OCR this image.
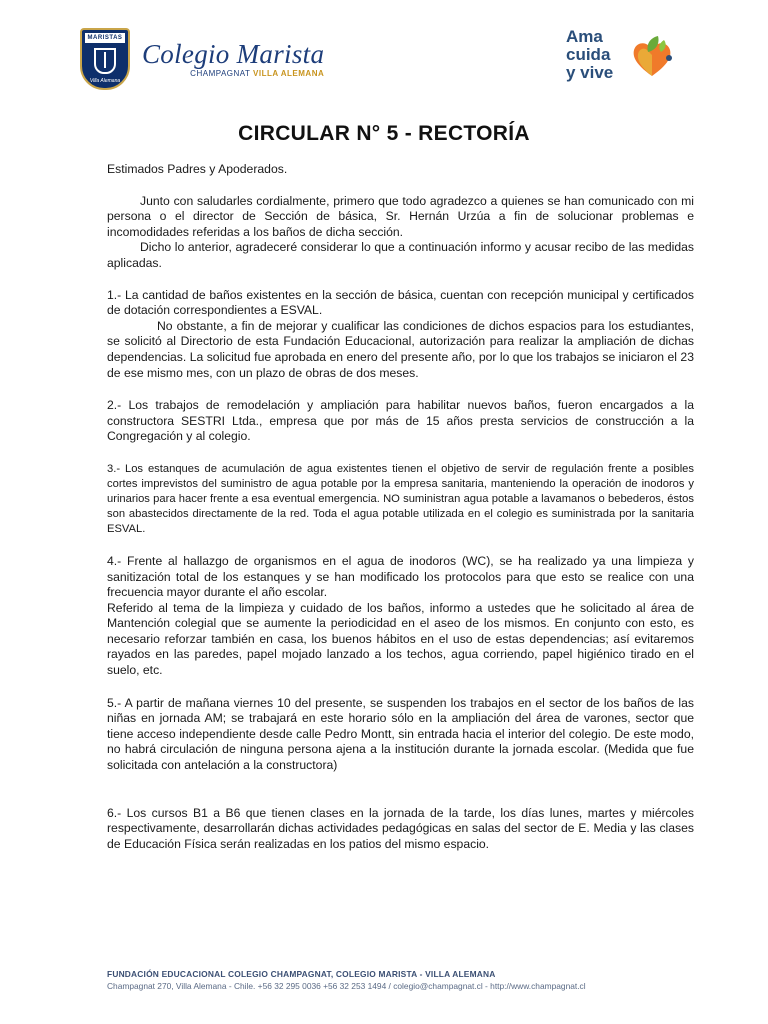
MARISTAS
Villa Alemana
Colegio Marista
CHAMPAGNAT VILLA ALEMANA
Ama
cuida
y vive
CIRCULAR N° 5 - RECTORÍA

Estimados Padres y Apoderados.

Junto con saludarles cordialmente, primero que todo agradezco a quienes se han comunicado con mi persona o el director de Sección de básica, Sr. Hernán Urzúa a fin de solucionar problemas e incomodidades referidas a los baños de dicha sección.

Dicho lo anterior, agradeceré considerar lo que a continuación informo y acusar recibo de las medidas aplicadas.

1.- La cantidad de baños existentes en la sección de básica, cuentan con recepción municipal y certificados de dotación correspondientes a ESVAL.

No obstante, a fin de mejorar y cualificar las condiciones de dichos espacios para los estudiantes, se solicitó al Directorio de esta Fundación Educacional, autorización para realizar la ampliación de dichas dependencias. La solicitud fue aprobada en enero del presente año, por lo que los trabajos se iniciaron el 23 de ese mismo mes, con un plazo de obras de dos meses.

2.- Los trabajos de remodelación y ampliación para habilitar nuevos baños, fueron encargados a la constructora SESTRI Ltda., empresa que por más de 15 años presta servicios de construcción a la Congregación y al colegio.

3.- Los estanques de acumulación de agua existentes tienen el objetivo de servir de regulación frente a posibles cortes imprevistos del suministro de agua potable por la empresa sanitaria, manteniendo la operación de inodoros y urinarios para hacer frente a esa eventual emergencia. NO suministran agua potable a lavamanos o bebederos, éstos son abastecidos directamente de la red. Toda el agua potable utilizada en el colegio es suministrada por la sanitaria ESVAL.

4.- Frente al hallazgo de organismos en el agua de inodoros (WC), se ha realizado ya una limpieza y sanitización total de los estanques y se han modificado los protocolos para que esto se realice con una frecuencia mayor durante el año escolar.

Referido al tema de la limpieza y cuidado de los baños, informo a ustedes que he solicitado al área de Mantención colegial que se aumente la periodicidad en el aseo de los mismos. En conjunto con esto, es necesario reforzar también en casa, los buenos hábitos en el uso de estas dependencias; así evitaremos rayados en las paredes, papel mojado lanzado a los techos, agua corriendo, papel higiénico tirado en el suelo, etc.

5.- A partir de mañana viernes 10 del presente, se suspenden los trabajos en el sector de los baños de las niñas en jornada AM; se trabajará en este horario sólo en la ampliación del área de varones, sector que tiene acceso independiente desde calle Pedro Montt, sin entrada hacia el interior del colegio. De este modo, no habrá circulación de ninguna persona ajena a la institución durante la jornada escolar. (Medida que fue solicitada con antelación a la constructora)

6.- Los cursos B1 a B6 que tienen clases en la jornada de la tarde, los días lunes, martes y miércoles respectivamente, desarrollarán dichas actividades pedagógicas en salas del sector de E. Media y las clases de Educación Física serán realizadas en los patios del mismo espacio.

FUNDACIÓN EDUCACIONAL COLEGIO CHAMPAGNAT, COLEGIO MARISTA - VILLA ALEMANA
Champagnat 270, Villa Alemana - Chile. +56 32 295 0036 +56 32 253 1494 / colegio@champagnat.cl - http://www.champagnat.cl
